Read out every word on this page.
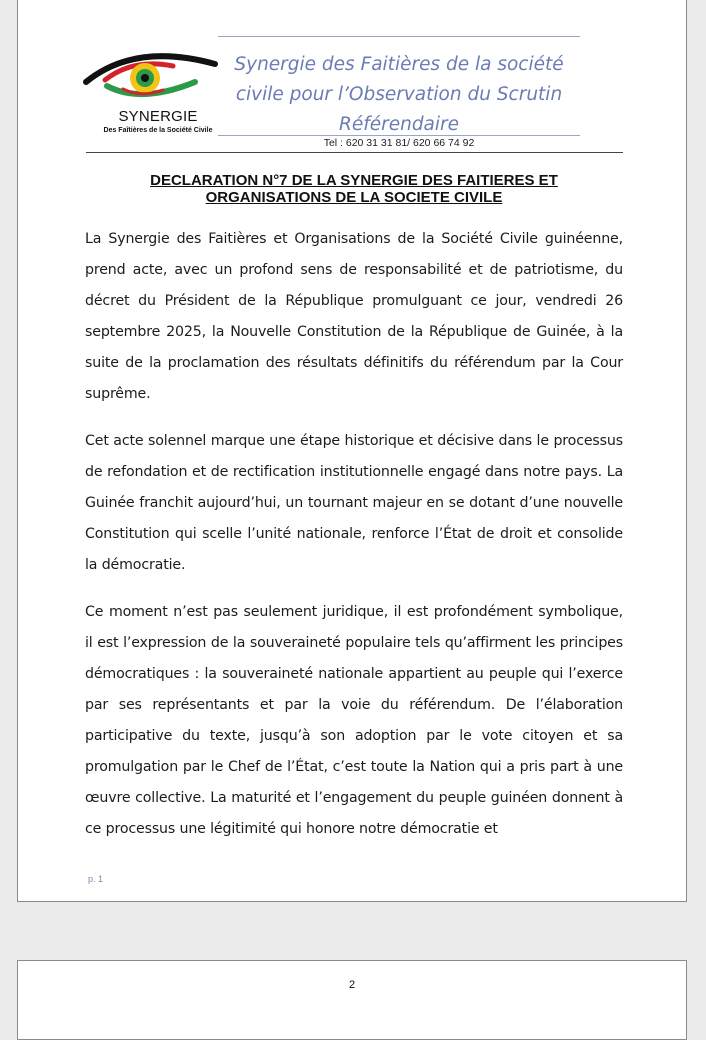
SYNERGIE
Des Faîtières de la Société Civile
Synergie des Faitières de la société
civile pour l’Observation du Scrutin
Référendaire
Tel : 620 31 31 81/ 620 66 74 92
DECLARATION N°7 DE LA SYNERGIE DES FAITIERES ET
ORGANISATIONS DE LA SOCIETE CIVILE

La Synergie des Faitières et Organisations de la Société Civile guinéenne, prend acte, avec un profond sens de responsabilité et de patriotisme, du décret du Président de la République promulguant ce jour, vendredi 26 septembre 2025, la Nouvelle Constitution de la République de Guinée, à la suite de la proclamation des résultats définitifs du référendum par la Cour suprême.

Cet acte solennel marque une étape historique et décisive dans le processus de refondation et de rectification institutionnelle engagé dans notre pays. La Guinée franchit aujourd’hui, un tournant majeur en se dotant d’une nouvelle Constitution qui scelle l’unité nationale, renforce l’État de droit et consolide la démocratie.

Ce moment n’est pas seulement juridique, il est profondément symbolique, il est l’expression de la souveraineté populaire tels qu’affirment les principes démocratiques : la souveraineté nationale appartient au peuple qui l’exerce par ses représentants et par la voie du référendum. De l’élaboration participative du texte, jusqu’à son adoption par le vote citoyen et sa promulgation par le Chef de l’État, c’est toute la Nation qui a pris part à une œuvre collective. La maturité et l’engagement du peuple guinéen donnent à ce processus une légitimité qui honore notre démocratie et

p. 1
2
